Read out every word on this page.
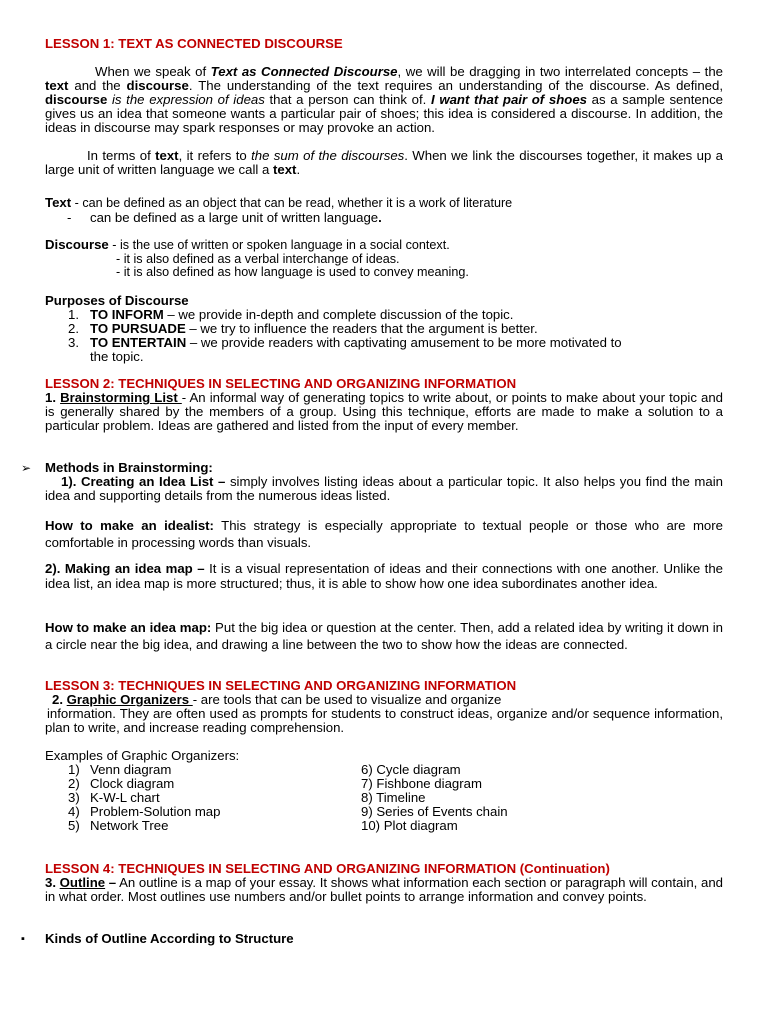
LESSON 1: TEXT AS CONNECTED DISCOURSE
When we speak of Text as Connected Discourse, we will be dragging in two interrelated concepts – the text and the discourse. The understanding of the text requires an understanding of the discourse. As defined, discourse is the expression of ideas that a person can think of. I want that pair of shoes as a sample sentence gives us an idea that someone wants a particular pair of shoes; this idea is considered a discourse. In addition, the ideas in discourse may spark responses or may provoke an action.
In terms of text, it refers to the sum of the discourses. When we link the discourses together, it makes up a large unit of written language we call a text.
Text - can be defined as an object that can be read, whether it is a work of literature
- can be defined as a large unit of written language.
Discourse - is the use of written or spoken language in a social context.
- it is also defined as a verbal interchange of ideas.
- it is also defined as how language is used to convey meaning.
Purposes of Discourse
1. TO INFORM – we provide in-depth and complete discussion of the topic.
2. TO PURSUADE – we try to influence the readers that the argument is better.
3. TO ENTERTAIN – we provide readers with captivating amusement to be more motivated to
the topic.
LESSON 2: TECHNIQUES IN SELECTING AND ORGANIZING INFORMATION
1. Brainstorming List - An informal way of generating topics to write about, or points to make about your topic and is generally shared by the members of a group. Using this technique, efforts are made to make a solution to a particular problem. Ideas are gathered and listed from the input of every member.
➢ Methods in Brainstorming:
1). Creating an Idea List – simply involves listing ideas about a particular topic. It also helps you find the main idea and supporting details from the numerous ideas listed.
How to make an idealist: This strategy is especially appropriate to textual people or those who are more comfortable in processing words than visuals.
2). Making an idea map – It is a visual representation of ideas and their connections with one another. Unlike the idea list, an idea map is more structured; thus, it is able to show how one idea subordinates another idea.
How to make an idea map: Put the big idea or question at the center. Then, add a related idea by writing it down in a circle near the big idea, and drawing a line between the two to show how the ideas are connected.
LESSON 3: TECHNIQUES IN SELECTING AND ORGANIZING INFORMATION
2. Graphic Organizers - are tools that can be used to visualize and organize
information. They are often used as prompts for students to construct ideas, organize and/or sequence information, plan to write, and increase reading comprehension.
Examples of Graphic Organizers:
1) Venn diagram
2) Clock diagram
3) K-W-L chart
4) Problem-Solution map
5) Network Tree
6) Cycle diagram
7) Fishbone diagram
8) Timeline
9) Series of Events chain
10) Plot diagram
LESSON 4: TECHNIQUES IN SELECTING AND ORGANIZING INFORMATION (Continuation)
3. Outline – An outline is a map of your essay. It shows what information each section or paragraph will contain, and in what order. Most outlines use numbers and/or bullet points to arrange information and convey points.
▪ Kinds of Outline According to Structure
